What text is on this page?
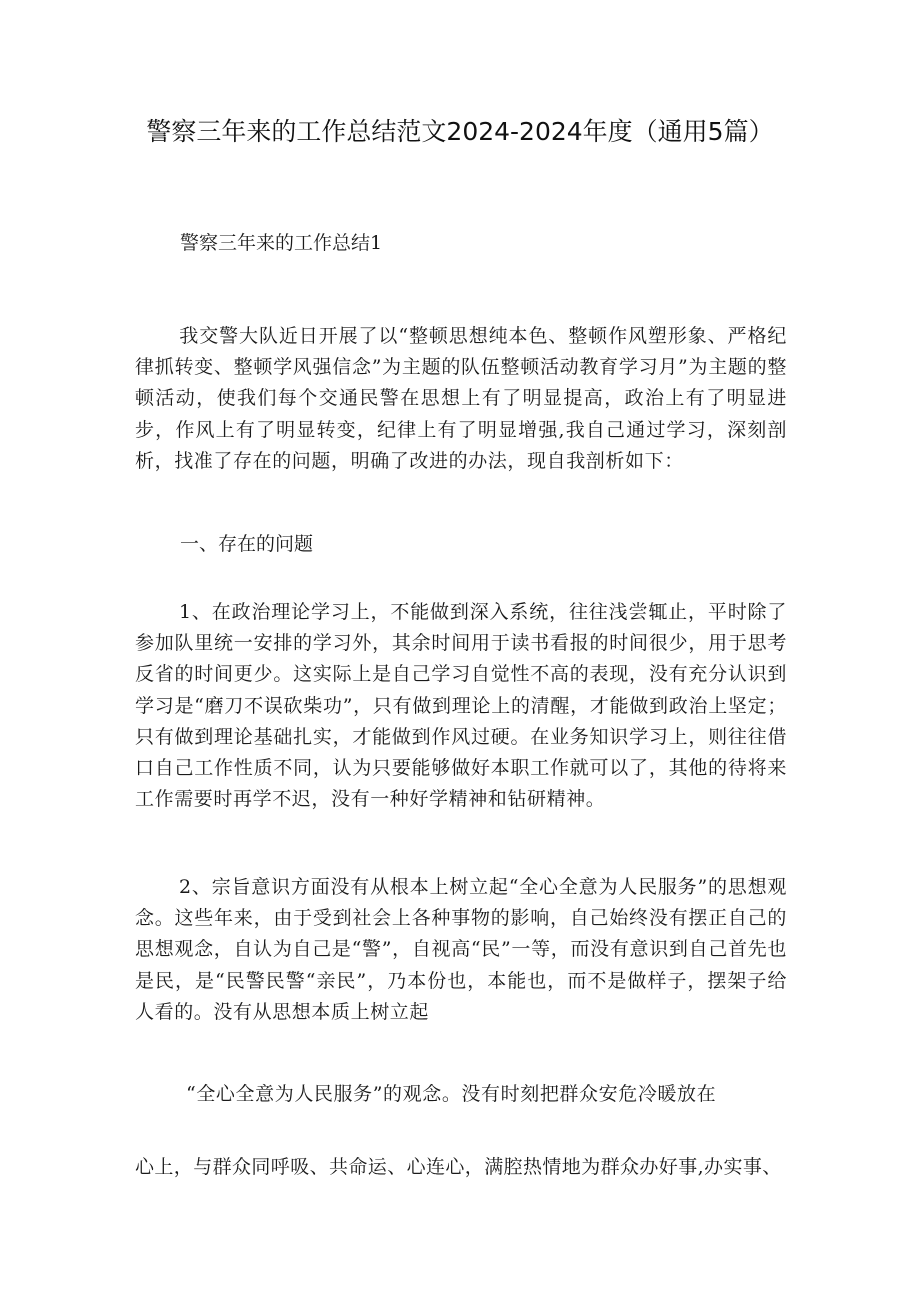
警察三年来的工作总结范文2024-2024年度（通用5篇）
警察三年来的工作总结1
我交警大队近日开展了以“整顿思想纯本色、整顿作风塑形象、严格纪律抓转变、整顿学风强信念”为主题的队伍整顿活动教育学习月”为主题的整顿活动，使我们每个交通民警在思想上有了明显提高，政治上有了明显进步，作风上有了明显转变，纪律上有了明显增强,我自己通过学习，深刻剖析，找准了存在的问题，明确了改进的办法，现自我剖析如下：
一、存在的问题
1、在政治理论学习上，不能做到深入系统，往往浅尝辄止，平时除了参加队里统一安排的学习外，其余时间用于读书看报的时间很少，用于思考反省的时间更少。这实际上是自己学习自觉性不高的表现，没有充分认识到学习是“磨刀不误砍柴功”，只有做到理论上的清醒，才能做到政治上坚定；只有做到理论基础扎实，才能做到作风过硬。在业务知识学习上，则往往借口自己工作性质不同，认为只要能够做好本职工作就可以了，其他的待将来工作需要时再学不迟，没有一种好学精神和钻研精神。
2、宗旨意识方面没有从根本上树立起“全心全意为人民服务”的思想观念。这些年来，由于受到社会上各种事物的影响，自己始终没有摆正自己的思想观念，自认为自己是“警”，自视高“民”一等，而没有意识到自己首先也是民，是“民警民警“亲民”，乃本份也，本能也，而不是做样子，摆架子给人看的。没有从思想本质上树立起
“全心全意为人民服务”的观念。没有时刻把群众安危冷暖放在
心上，与群众同呼吸、共命运、心连心，满腔热情地为群众办好事,办实事、
